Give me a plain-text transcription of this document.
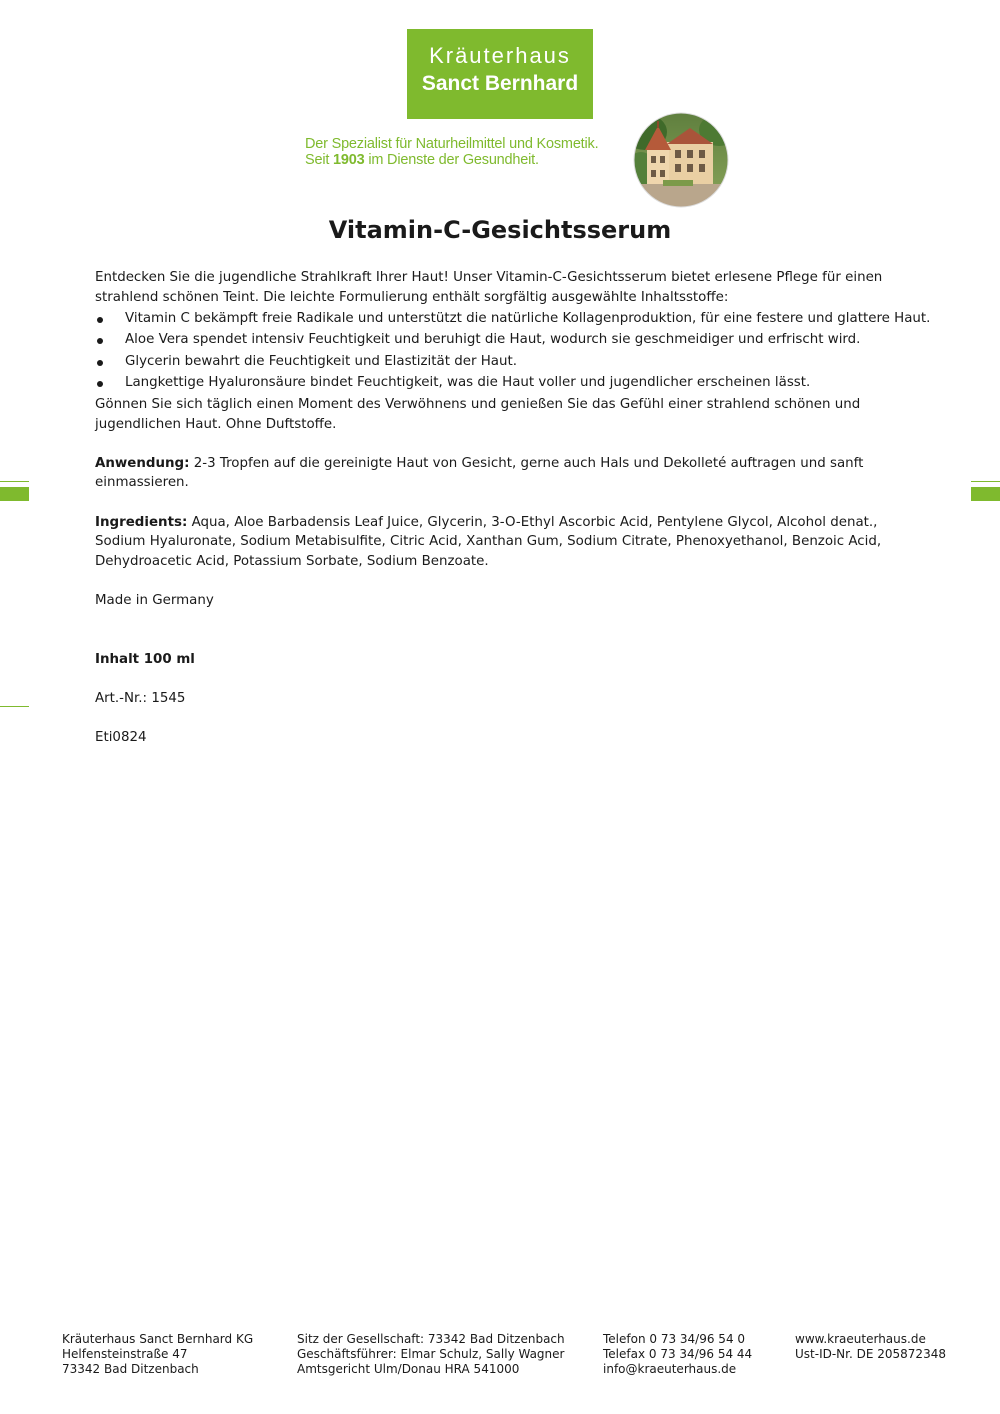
Kräuterhaus
Sanct Bernhard
Der Spezialist für Naturheilmittel und Kosmetik.
Seit 1903 im Dienste der Gesundheit.
Vitamin-C-Gesichtsserum

Entdecken Sie die jugendliche Strahlkraft Ihrer Haut! Unser Vitamin-C-Gesichtsserum bietet erlesene Pflege für einen strahlend schönen Teint. Die leichte Formulierung enthält sorgfältig ausgewählte Inhaltsstoffe:

Vitamin C bekämpft freie Radikale und unterstützt die natürliche Kollagenproduktion, für eine festere und glattere Haut.
Aloe Vera spendet intensiv Feuchtigkeit und beruhigt die Haut, wodurch sie geschmeidiger und erfrischt wird.
Glycerin bewahrt die Feuchtigkeit und Elastizität der Haut.
Langkettige Hyaluronsäure bindet Feuchtigkeit, was die Haut voller und jugendlicher erscheinen lässt.

Gönnen Sie sich täglich einen Moment des Verwöhnens und genießen Sie das Gefühl einer strahlend schönen und jugendlichen Haut. Ohne Duftstoffe.

Anwendung: 2-3 Tropfen auf die gereinigte Haut von Gesicht, gerne auch Hals und Dekolleté auftragen und sanft einmassieren.

Ingredients: Aqua, Aloe Barbadensis Leaf Juice, Glycerin, 3-O-Ethyl Ascorbic Acid, Pentylene Glycol, Alcohol denat., Sodium Hyaluronate, Sodium Metabisulfite, Citric Acid, Xanthan Gum, Sodium Citrate, Phenoxyethanol, Benzoic Acid, Dehydroacetic Acid, Potassium Sorbate, Sodium Benzoate.

Made in Germany

Inhalt 100 ml

Art.-Nr.: 1545

Eti0824

Kräuterhaus Sanct Bernhard KG
Helfensteinstraße 47
73342 Bad Ditzenbach
Sitz der Gesellschaft: 73342 Bad Ditzenbach
Geschäftsführer: Elmar Schulz, Sally Wagner
Amtsgericht Ulm/Donau HRA 541000
Telefon 0 73 34/96 54 0
Telefax 0 73 34/96 54 44
info@kraeuterhaus.de
www.kraeuterhaus.de
Ust-ID-Nr. DE 205872348
